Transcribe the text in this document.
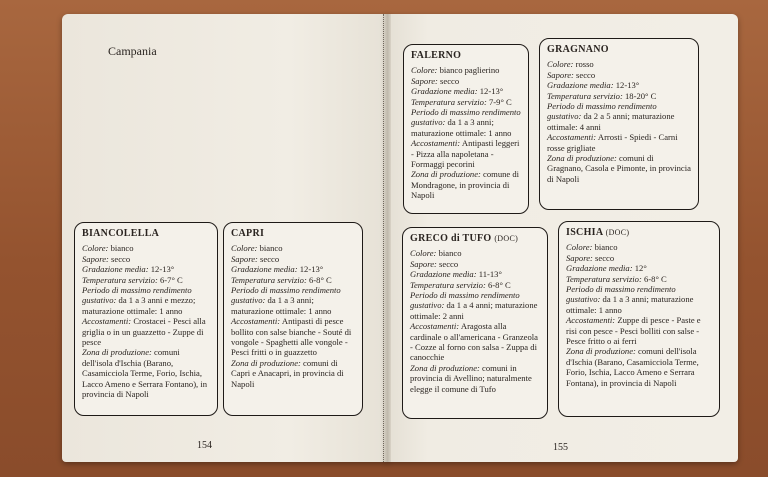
Campania
154	155
BIANCOLELLA

Colore: bianco

Sapore: secco

Gradazione media: 12-13°

Temperatura servizio: 6-7° C

Periodo di massimo rendimento gustativo: da 1 a 3 anni e mezzo; maturazione ottimale: 1 anno

Accostamenti: Crostacei - Pesci alla griglia o in un guazzetto - Zuppe di pesce

Zona di produzione: comuni dell'isola d'Ischia (Barano, Casamicciola Terme, Forio, Ischia, Lacco Ameno e Serrara Fontano), in provincia di Napoli

CAPRI

Colore: bianco

Sapore: secco

Gradazione media: 12-13°

Temperatura servizio: 6-8° C

Periodo di massimo rendimento gustativo: da 1 a 3 anni; maturazione ottimale: 1 anno

Accostamenti: Antipasti di pesce bollito con salse bianche - Souté di vongole - Spaghetti alle vongole - Pesci fritti o in guazzetto

Zona di produzione: comuni di Capri e Anacapri, in provincia di Napoli

FALERNO

Colore: bianco paglierino

Sapore: secco

Gradazione media: 12-13°

Temperatura servizio: 7-9° C

Periodo di massimo rendimento gustativo: da 1 a 3 anni; maturazione ottimale: 1 anno

Accostamenti: Antipasti leggeri - Pizza alla napoletana - Formaggi pecorini

Zona di produzione: comune di Mondragone, in provincia di Napoli

GRAGNANO

Colore: rosso

Sapore: secco

Gradazione media: 12-13°

Temperatura servizio: 18-20° C

Periodo di massimo rendimento gustativo: da 2 a 5 anni; maturazione ottimale: 4 anni

Accostamenti: Arrosti - Spiedi - Carni rosse grigliate

Zona di produzione: comuni di Gragnano, Casola e Pimonte, in provincia di Napoli

GRECO di TUFO (DOC)

Colore: bianco

Sapore: secco

Gradazione media: 11-13°

Temperatura servizio: 6-8° C

Periodo di massimo rendimento gustativo: da 1 a 4 anni; maturazione ottimale: 2 anni

Accostamenti: Aragosta alla cardinale o all'americana - Granzeola - Cozze al forno con salsa - Zuppa di canocchie

Zona di produzione: comuni in provincia di Avellino; naturalmente elegge il comune di Tufo

ISCHIA (DOC)

Colore: bianco

Sapore: secco

Gradazione media: 12°

Temperatura servizio: 6-8° C

Periodo di massimo rendimento gustativo: da 1 a 3 anni; maturazione ottimale: 1 anno

Accostamenti: Zuppe di pesce - Paste e risi con pesce - Pesci bolliti con salse - Pesce fritto o ai ferri

Zona di produzione: comuni dell'isola d'Ischia (Barano, Casamicciola Terme, Forio, Ischia, Lacco Ameno e Serrara Fontana), in provincia di Napoli
